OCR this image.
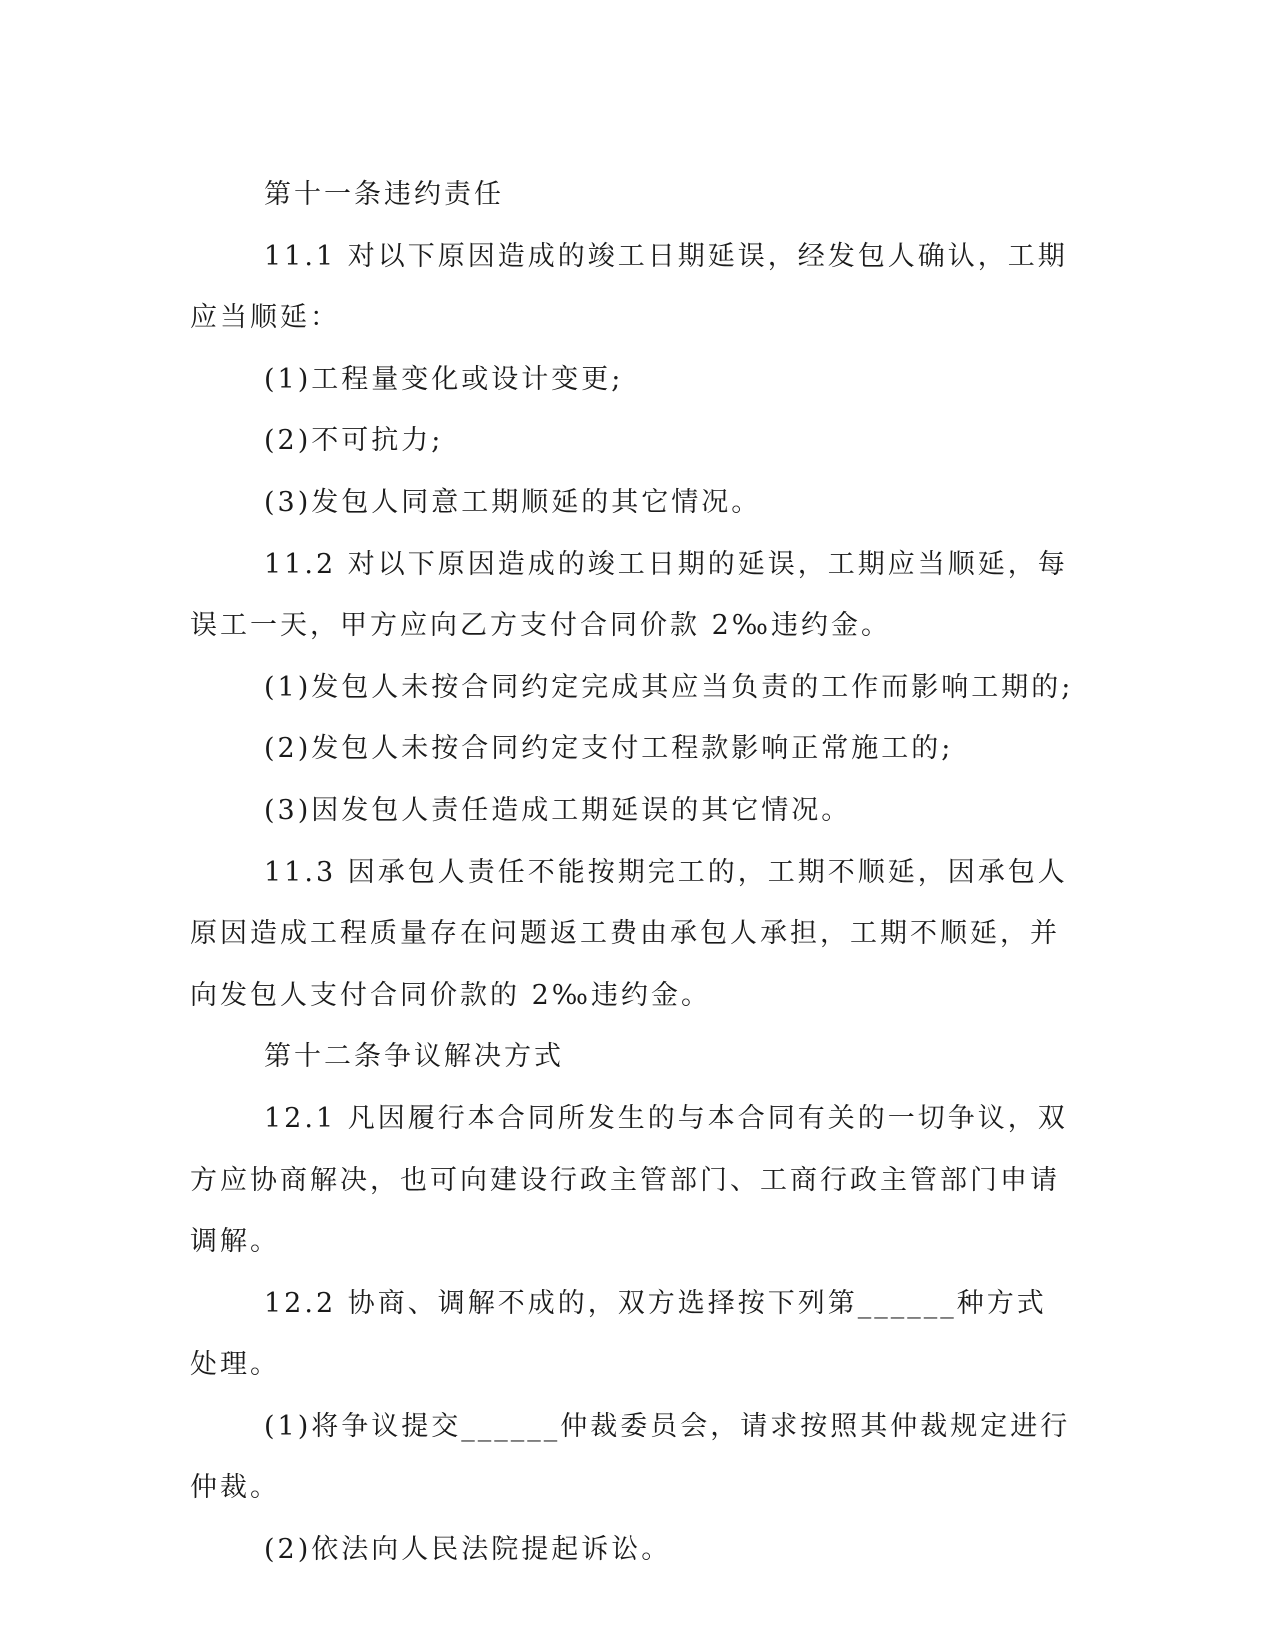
第十一条违约责任

11.1 对以下原因造成的竣工日期延误，经发包人确认，工期应当顺延：

(1)工程量变化或设计变更;

(2)不可抗力;

(3)发包人同意工期顺延的其它情况。

11.2 对以下原因造成的竣工日期的延误，工期应当顺延，每误工一天，甲方应向乙方支付合同价款 2‰违约金。

(1)发包人未按合同约定完成其应当负责的工作而影响工期的;

(2)发包人未按合同约定支付工程款影响正常施工的;

(3)因发包人责任造成工期延误的其它情况。

11.3 因承包人责任不能按期完工的，工期不顺延，因承包人原因造成工程质量存在问题返工费由承包人承担，工期不顺延，并向发包人支付合同价款的 2‰违约金。

第十二条争议解决方式

12.1 凡因履行本合同所发生的与本合同有关的一切争议，双方应协商解决，也可向建设行政主管部门、工商行政主管部门申请调解。

12.2 协商、调解不成的，双方选择按下列第______种方式处理。

(1)将争议提交______仲裁委员会，请求按照其仲裁规定进行仲裁。

(2)依法向人民法院提起诉讼。
